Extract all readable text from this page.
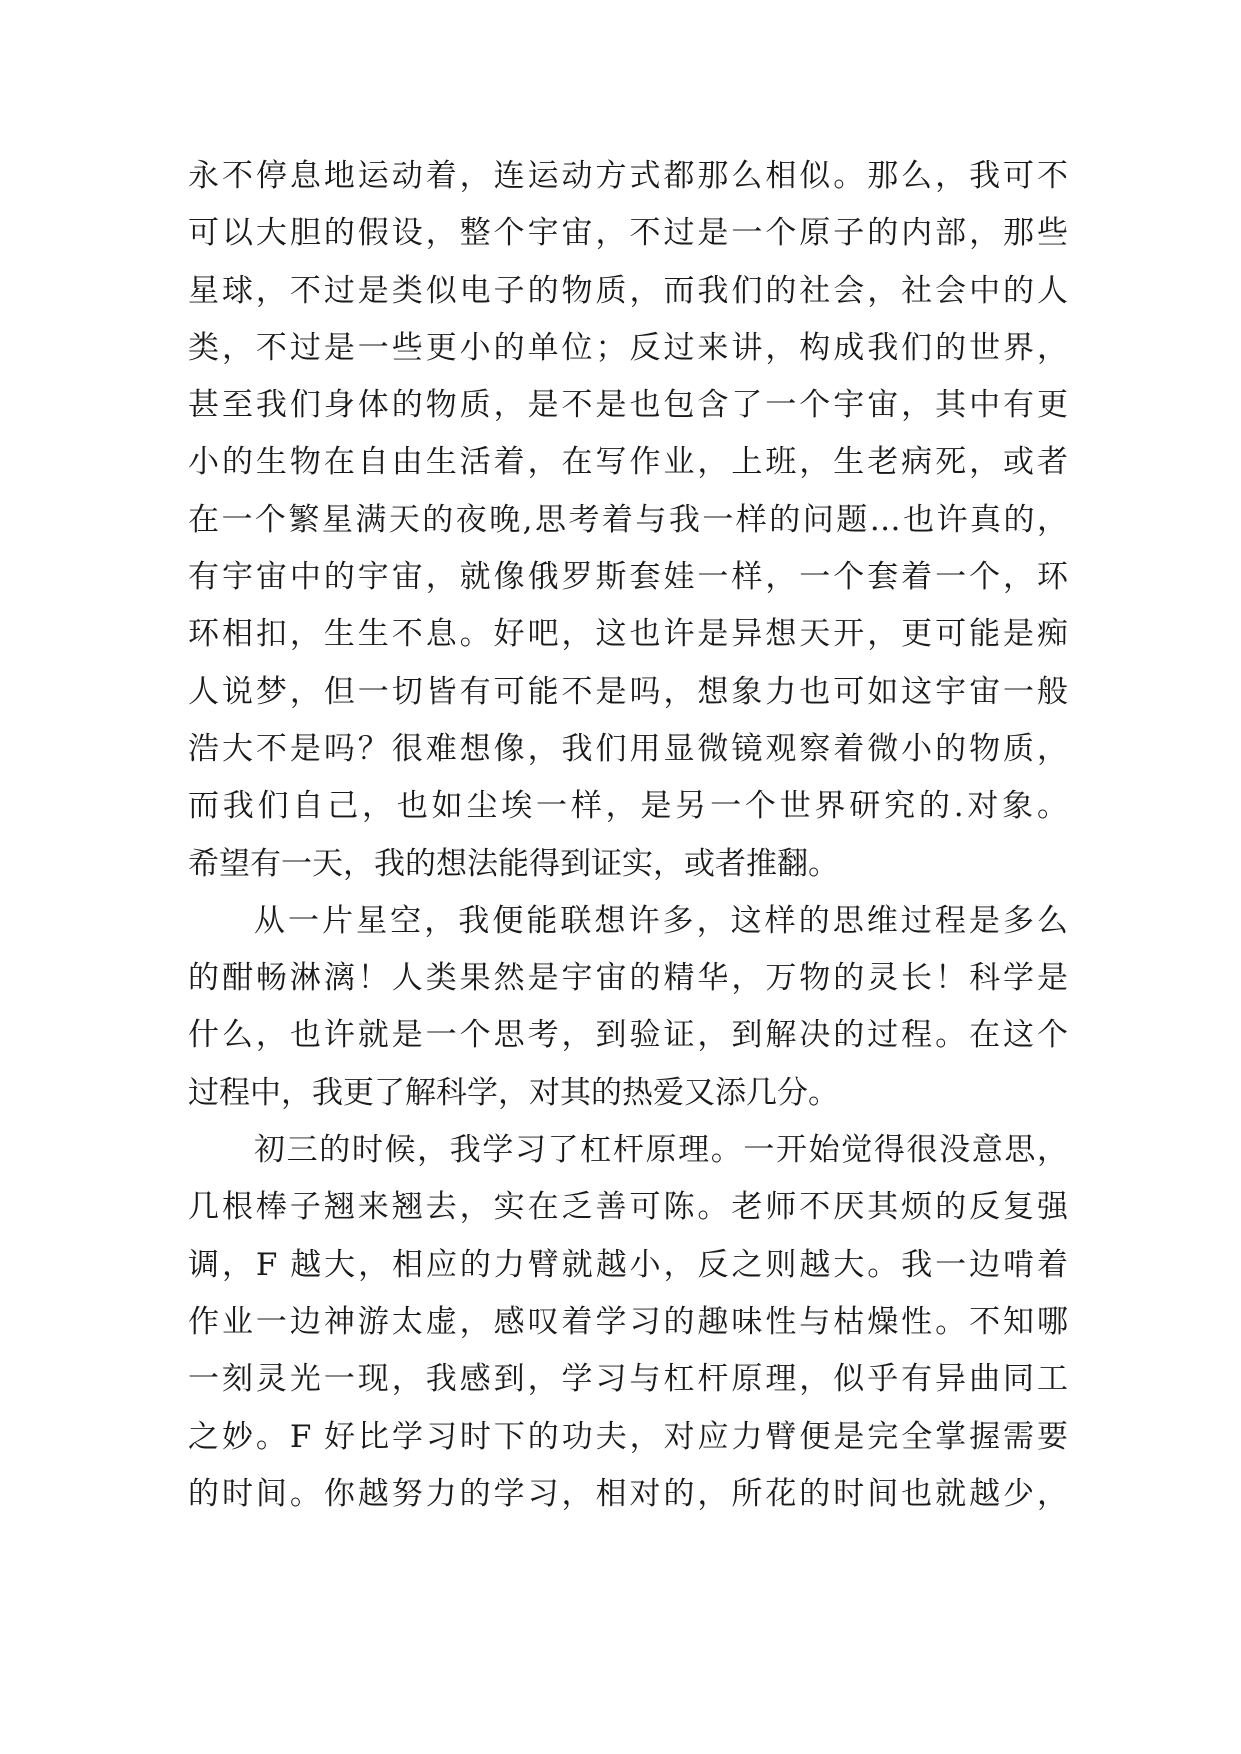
永不停息地运动着，连运动方式都那么相似。那么，我可不
可以大胆的假设，整个宇宙，不过是一个原子的内部，那些
星球，不过是类似电子的物质，而我们的社会，社会中的人
类，不过是一些更小的单位；反过来讲，构成我们的世界，
甚至我们身体的物质，是不是也包含了一个宇宙，其中有更
小的生物在自由生活着，在写作业，上班，生老病死，或者
在一个繁星满天的夜晚,思考着与我一样的问题…也许真的，
有宇宙中的宇宙，就像俄罗斯套娃一样，一个套着一个，环
环相扣，生生不息。好吧，这也许是异想天开，更可能是痴
人说梦，但一切皆有可能不是吗，想象力也可如这宇宙一般
浩大不是吗？很难想像，我们用显微镜观察着微小的物质，
而我们自己，也如尘埃一样，是另一个世界研究的.对象。
希望有一天，我的想法能得到证实，或者推翻。
从一片星空，我便能联想许多，这样的思维过程是多么
的酣畅淋漓！人类果然是宇宙的精华，万物的灵长！科学是
什么，也许就是一个思考，到验证，到解决的过程。在这个
过程中，我更了解科学，对其的热爱又添几分。
初三的时候，我学习了杠杆原理。一开始觉得很没意思，
几根棒子翘来翘去，实在乏善可陈。老师不厌其烦的反复强
调，F 越大，相应的力臂就越小，反之则越大。我一边啃着
作业一边神游太虚，感叹着学习的趣味性与枯燥性。不知哪
一刻灵光一现，我感到，学习与杠杆原理，似乎有异曲同工
之妙。F 好比学习时下的功夫，对应力臂便是完全掌握需要
的时间。你越努力的学习，相对的，所花的时间也就越少，
